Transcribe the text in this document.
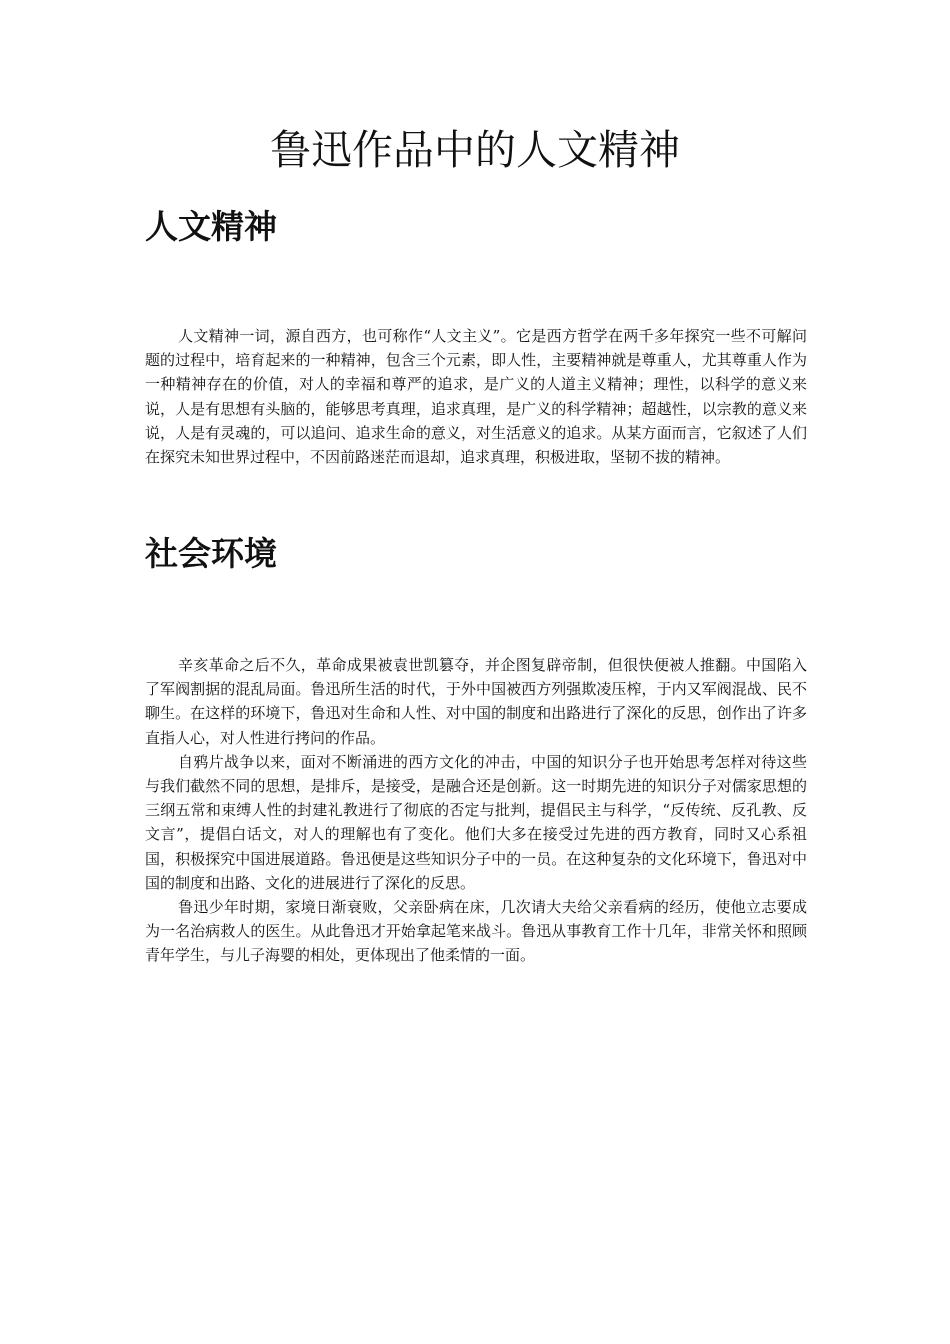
鲁迅作品中的人文精神
人文精神

人文精神一词，源自西方，也可称作“人文主义”。它是西方哲学在两千多年探究一些不可解问题的过程中，培育起来的一种精神，包含三个元素，即人性，主要精神就是尊重人，尤其尊重人作为一种精神存在的价值，对人的幸福和尊严的追求，是广义的人道主义精神；理性，以科学的意义来说，人是有思想有头脑的，能够思考真理，追求真理，是广义的科学精神；超越性，以宗教的意义来说，人是有灵魂的，可以追问、追求生命的意义，对生活意义的追求。从某方面而言，它叙述了人们在探究未知世界过程中，不因前路迷茫而退却，追求真理，积极进取，坚韧不拔的精神。

社会环境

辛亥革命之后不久，革命成果被袁世凯篡夺，并企图复辟帝制，但很快便被人推翻。中国陷入了军阀割据的混乱局面。鲁迅所生活的时代，于外中国被西方列强欺凌压榨，于内又军阀混战、民不聊生。在这样的环境下，鲁迅对生命和人性、对中国的制度和出路进行了深化的反思，创作出了许多直指人心，对人性进行拷问的作品。

自鸦片战争以来，面对不断涌进的西方文化的冲击，中国的知识分子也开始思考怎样对待这些与我们截然不同的思想，是排斥，是接受，是融合还是创新。这一时期先进的知识分子对儒家思想的三纲五常和束缚人性的封建礼教进行了彻底的否定与批判，提倡民主与科学，“反传统、反孔教、反文言”，提倡白话文，对人的理解也有了变化。他们大多在接受过先进的西方教育，同时又心系祖国，积极探究中国进展道路。鲁迅便是这些知识分子中的一员。在这种复杂的文化环境下，鲁迅对中国的制度和出路、文化的进展进行了深化的反思。

鲁迅少年时期，家境日渐衰败，父亲卧病在床，几次请大夫给父亲看病的经历，使他立志要成为一名治病救人的医生。从此鲁迅才开始拿起笔来战斗。鲁迅从事教育工作十几年，非常关怀和照顾青年学生，与儿子海婴的相处，更体现出了他柔情的一面。
